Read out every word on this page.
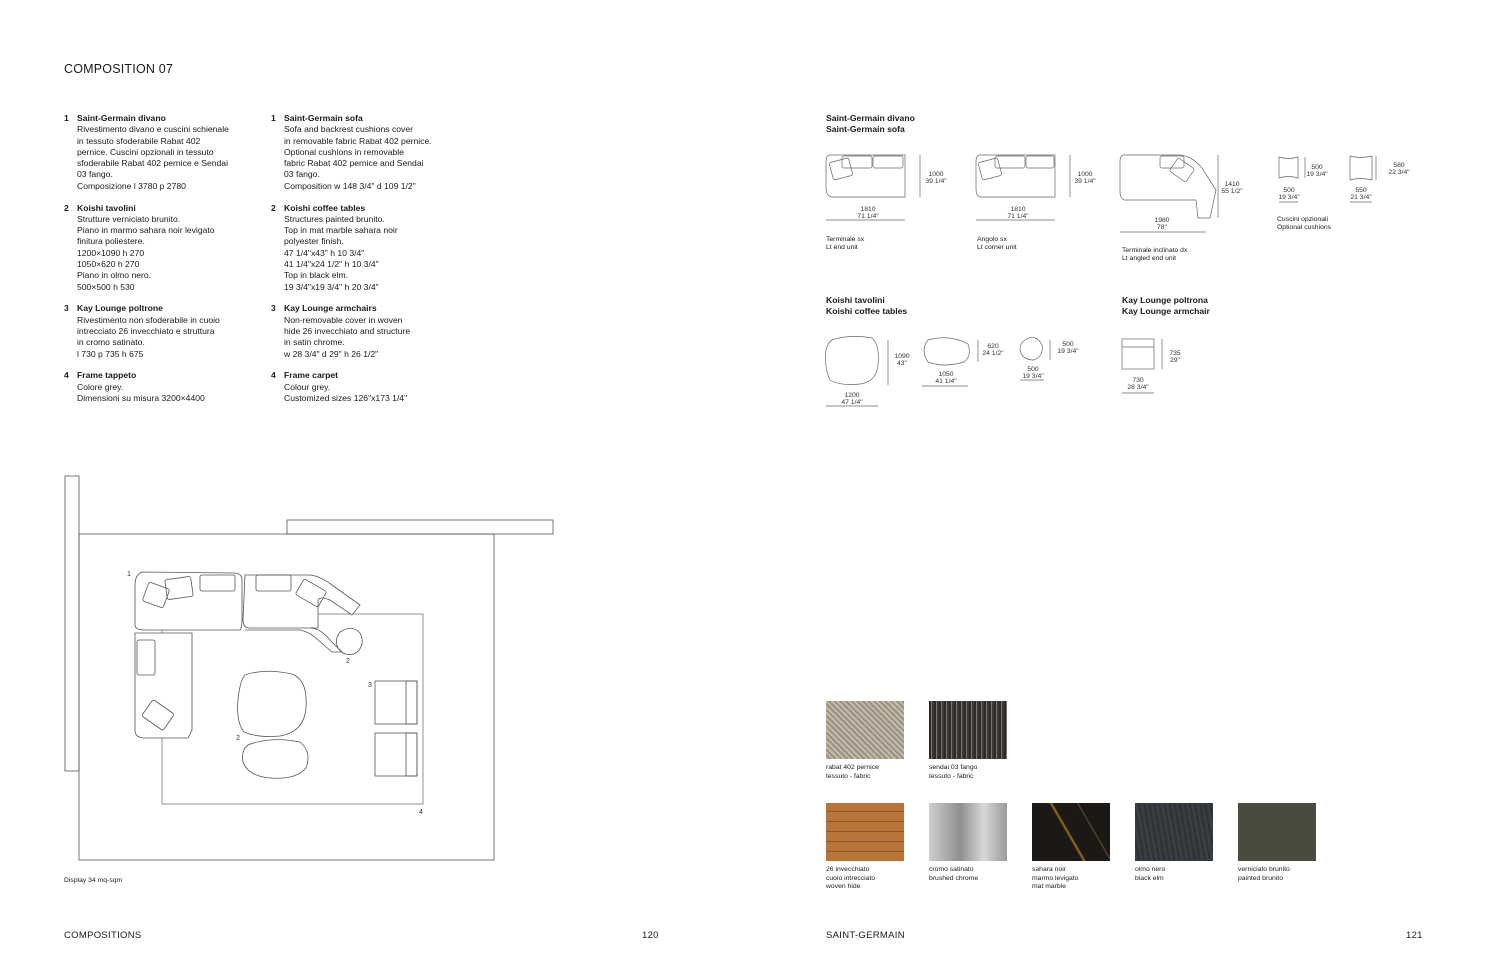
COMPOSITION 07
1 Saint-Germain divano
Rivestimento divano e cuscini schienale
in tessuto sfoderabile Rabat 402
pernice. Cuscini opzionali in tessuto
sfoderabile Rabat 402 pernice e Sendai
03 fango.
Composizione l 3780 p 2780
2 Koishi tavolini
Strutture verniciato brunito.
Piano in marmo sahara noir levigato
finitura poliestere.
1200×1090 h 270
1050×620 h 270
Piano in olmo nero.
500×500 h 530
3 Kay Lounge poltrone
Rivestimento non sfoderabile in cuoio
intrecciato 26 invecchiato e struttura
in cromo satinato.
l 730 p 735 h 675
4 Frame tappeto
Colore grey.
Dimensioni su misura 3200×4400
1 Saint-Germain sofa
Sofa and backrest cushions cover
in removable fabric Rabat 402 pernice.
Optional cushions in removable
fabric Rabat 402 pernice and Sendai
03 fango.
Composition w 148 3/4" d 109 1/2"
2 Koishi coffee tables
Structures painted brunito.
Top in mat marble sahara noir
polyester finish.
47 1/4"x43" h 10 3/4"
41 1/4"x24 1/2" h 10 3/4"
Top in black elm.
19 3/4"x19 3/4" h 20 3/4"
3 Kay Lounge armchairs
Non-removable cover in woven
hide 26 invecchiato and structure
in satin chrome.
w 28 3/4" d 29" h 26 1/2"
4 Frame carpet
Colour grey.
Customized sizes 126"x173 1/4"
1
2
2
3
4
Display 34 mq-sqm
COMPOSITIONS	120
Saint-Germain divano
Saint-Germain sofa
1810
71 1/4"
1000
39 1/4"
1810
71 1/4"
1000
39 1/4"
1980
78"
1410
55 1/2"	500
19 3/4"
500
19 3/4"
550
21 3/4"
580
22 3/4"
1200
47 1/4"
1090
43"
1050
41 1/4"
620
24 1/2"
500
19 3/4"
500
19 3/4"
730
28 3/4"
735
29"
Terminale sx
Lt end unit
Angolo sx
Lt corner unit	Terminale inclinato dx
Lt angled end unit
Cuscini opzionali
Optional cushions
Koishi tavolini
Koishi coffee tables
Kay Lounge poltrona
Kay Lounge armchair
rabat 402 pernice
tessuto - fabric
sendai 03 fango
tessuto - fabric
26 invecchiato
cuoio intrecciato
woven hide
cromo satinato
brushed chrome
sahara noir
marmo levigato
mat marble
olmo nero
black elm
verniciato brunito
painted brunito
SAINT-GERMAIN	121
